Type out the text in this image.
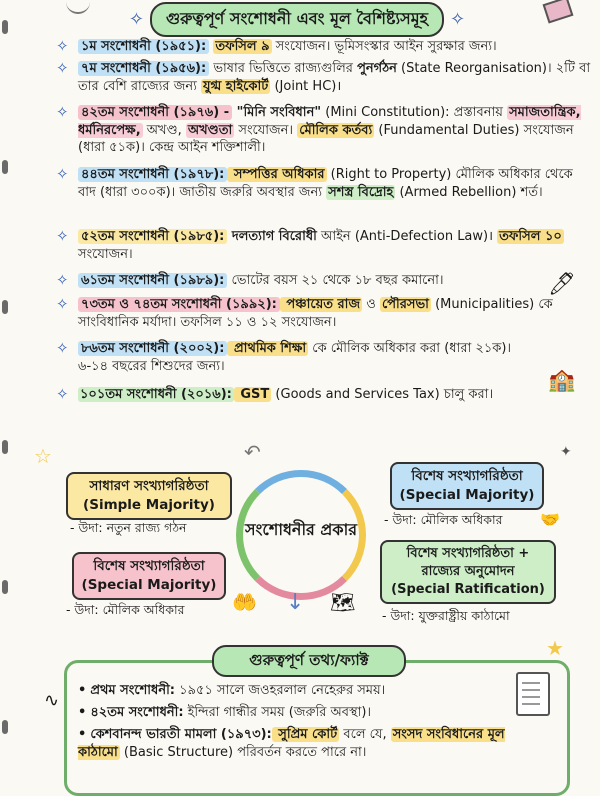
✧	গুরুত্বপূর্ণ সংশোধনী এবং মূল বৈশিষ্ট্যসমূহ	✧
✧ ১ম সংশোধনী (১৯৫১): তফসিল ৯ সংযোজন। ভূমিসংস্কার আইন সুরক্ষার জন্য।
✧ ৭ম সংশোধনী (১৯৫৬): ভাষার ভিত্তিতে রাজ্যগুলির পুনর্গঠন (State Reorganisation)। ২টি বা তার বেশি রাজ্যের জন্য যুগ্ম হাইকোর্ট (Joint HC)।
✧ ৪২তম সংশোধনী (১৯৭৬) - "মিনি সংবিধান" (Mini Constitution): প্রস্তাবনায় সমাজতান্ত্রিক, ধর্মনিরপেক্ষ, অখণ্ড, অখণ্ডতা সংযোজন। মৌলিক কর্তব্য (Fundamental Duties) সংযোজন (ধারা ৫১ক)। কেন্দ্র আইন শক্তিশালী।
✧ ৪৪তম সংশোধনী (১৯৭৮): সম্পত্তির অধিকার (Right to Property) মৌলিক অধিকার থেকে বাদ (ধারা ৩০০ক)। জাতীয় জরুরি অবস্থার জন্য সশস্ত্র বিদ্রোহ (Armed Rebellion) শর্ত।
✧ ৫২তম সংশোধনী (১৯৮৫): দলত্যাগ বিরোধী আইন (Anti-Defection Law)। তফসিল ১০ সংযোজন।
✧ ৬১তম সংশোধনী (১৯৮৯): ভোটের বয়স ২১ থেকে ১৮ বছর কমানো।
✧ ৭৩তম ও ৭৪তম সংশোধনী (১৯৯২): পঞ্চায়েত রাজ ও পৌরসভা (Municipalities) কে সাংবিধানিক মর্যাদা। তফসিল ১১ ও ১২ সংযোজন।
✧ ৮৬তম সংশোধনী (২০০২): প্রাথমিক শিক্ষা কে মৌলিক অধিকার করা (ধারা ২১ক)। ৬-১৪ বছরের শিশুদের জন্য।
✧ ১০১তম সংশোধনী (২০১৬): GST (Goods and Services Tax) চালু করা।
🖊
🏫
☆	✦
সংশোধনীর প্রকার
সাধারণ সংখ্যাগরিষ্ঠতা
(Simple Majority)
- উদা: নতুন রাজ্য গঠন
বিশেষ সংখ্যাগরিষ্ঠতা
(Special Majority)
- উদা: মৌলিক অধিকার
বিশেষ সংখ্যাগরিষ্ঠতা
(Special Majority)
- উদা: মৌলিক অধিকার
বিশেষ সংখ্যাগরিষ্ঠতা + রাজ্যের অনুমোদন
(Special Ratification)
- উদা: যুক্তরাষ্ট্রীয় কাঠামো
🤲	🗺
🤝
↶
↓
গুরুত্বপূর্ণ তথ্য/ফ্যাক্ট	★
∿ • প্রথম সংশোধনী: ১৯৫১ সালে জওহরলাল নেহেরুর সময়।
• ৪২তম সংশোধনী: ইন্দিরা গান্ধীর সময় (জরুরি অবস্থা)।
• কেশবানন্দ ভারতী মামলা (১৯৭৩): সুপ্রিম কোর্ট বলে যে, সংসদ সংবিধানের মূল কাঠামো (Basic Structure) পরিবর্তন করতে পারে না।
